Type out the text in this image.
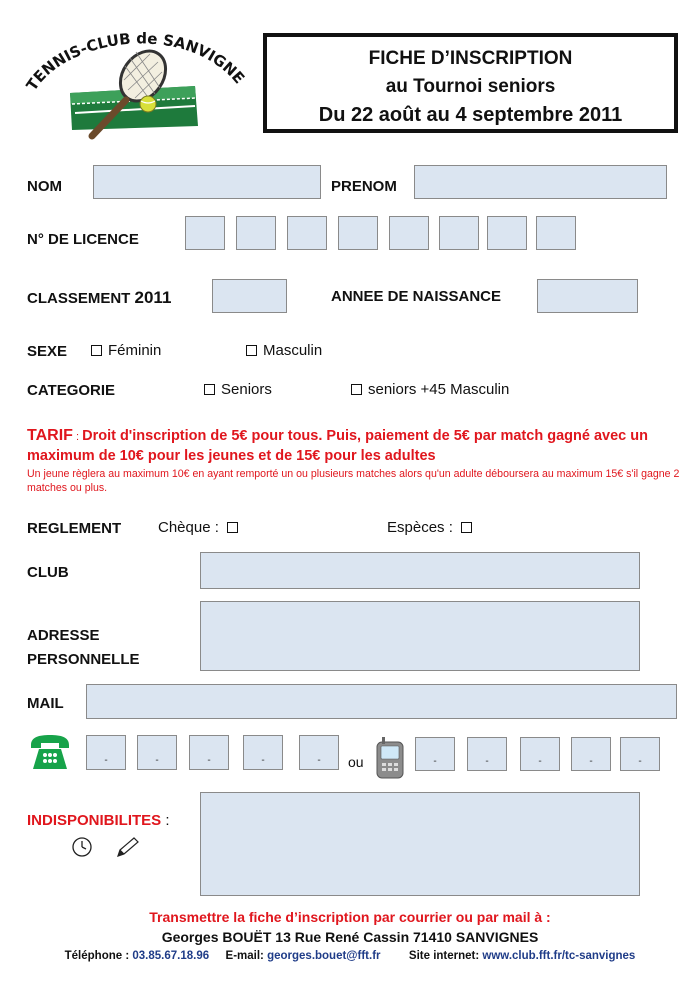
TENNIS-CLUB de SANVIGNE
FICHE D’INSCRIPTION
au Tournoi seniors
Du 22 août au 4 septembre 2011
NOM	PRENOM
N° DE LICENCE
CLASSEMENT 2011	ANNEE DE NAISSANCE
SEXE	Féminin	Masculin
CATEGORIE	Seniors	seniors +45 Masculin
TARIF : Droit d'inscription de 5€ pour tous. Puis, paiement de 5€ par match gagné avec un maximum de 10€ pour les jeunes et de 15€ pour les adultes
Un jeune règlera au maximum 10€ en ayant remporté un ou plusieurs matches alors qu'un adulte déboursera au maximum 15€ s'il gagne 2 matches ou plus.
REGLEMENT Chèque :	Espèces :
CLUB
ADRESSE
PERSONNELLE
MAIL
-	-	-	-	-	ou	-	-	-	-	-
INDISPONIBILITES :
Transmettre la fiche d’inscription par courrier ou par mail à :
Georges BOUËT 13 Rue René Cassin 71410 SANVIGNES
Téléphone : 03.85.67.18.96 E-mail: georges.bouet@fft.fr Site internet: www.club.fft.fr/tc-sanvignes
